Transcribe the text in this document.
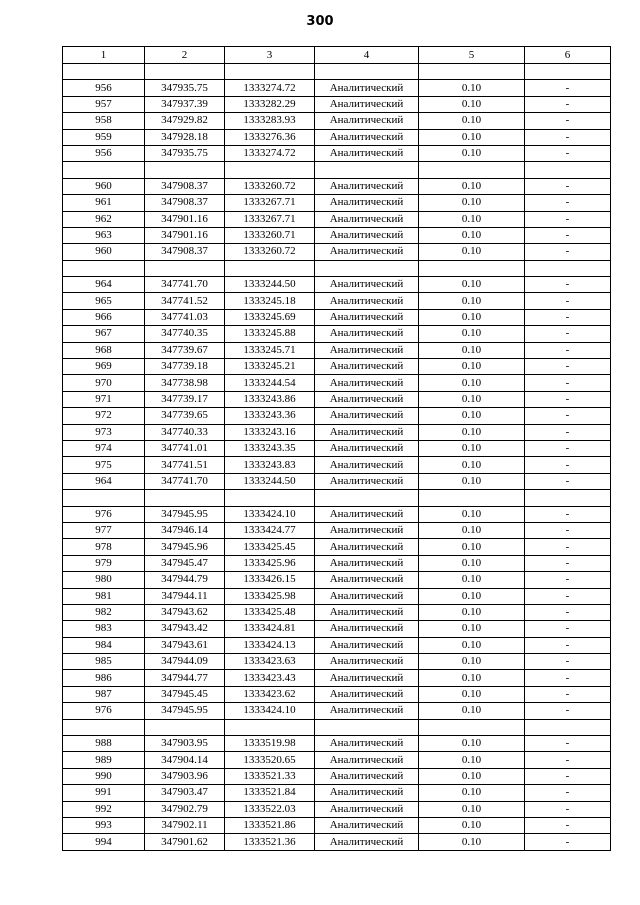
300
1	2	3	4	5	6

956	347935.75	1333274.72	Аналитический	0.10	-
957	347937.39	1333282.29	Аналитический	0.10	-
958	347929.82	1333283.93	Аналитический	0.10	-
959	347928.18	1333276.36	Аналитический	0.10	-
956	347935.75	1333274.72	Аналитический	0.10	-

960	347908.37	1333260.72	Аналитический	0.10	-
961	347908.37	1333267.71	Аналитический	0.10	-
962	347901.16	1333267.71	Аналитический	0.10	-
963	347901.16	1333260.71	Аналитический	0.10	-
960	347908.37	1333260.72	Аналитический	0.10	-

964	347741.70	1333244.50	Аналитический	0.10	-
965	347741.52	1333245.18	Аналитический	0.10	-
966	347741.03	1333245.69	Аналитический	0.10	-
967	347740.35	1333245.88	Аналитический	0.10	-
968	347739.67	1333245.71	Аналитический	0.10	-
969	347739.18	1333245.21	Аналитический	0.10	-
970	347738.98	1333244.54	Аналитический	0.10	-
971	347739.17	1333243.86	Аналитический	0.10	-
972	347739.65	1333243.36	Аналитический	0.10	-
973	347740.33	1333243.16	Аналитический	0.10	-
974	347741.01	1333243.35	Аналитический	0.10	-
975	347741.51	1333243.83	Аналитический	0.10	-
964	347741.70	1333244.50	Аналитический	0.10	-

976	347945.95	1333424.10	Аналитический	0.10	-
977	347946.14	1333424.77	Аналитический	0.10	-
978	347945.96	1333425.45	Аналитический	0.10	-
979	347945.47	1333425.96	Аналитический	0.10	-
980	347944.79	1333426.15	Аналитический	0.10	-
981	347944.11	1333425.98	Аналитический	0.10	-
982	347943.62	1333425.48	Аналитический	0.10	-
983	347943.42	1333424.81	Аналитический	0.10	-
984	347943.61	1333424.13	Аналитический	0.10	-
985	347944.09	1333423.63	Аналитический	0.10	-
986	347944.77	1333423.43	Аналитический	0.10	-
987	347945.45	1333423.62	Аналитический	0.10	-
976	347945.95	1333424.10	Аналитический	0.10	-

988	347903.95	1333519.98	Аналитический	0.10	-
989	347904.14	1333520.65	Аналитический	0.10	-
990	347903.96	1333521.33	Аналитический	0.10	-
991	347903.47	1333521.84	Аналитический	0.10	-
992	347902.79	1333522.03	Аналитический	0.10	-
993	347902.11	1333521.86	Аналитический	0.10	-
994	347901.62	1333521.36	Аналитический	0.10	-
